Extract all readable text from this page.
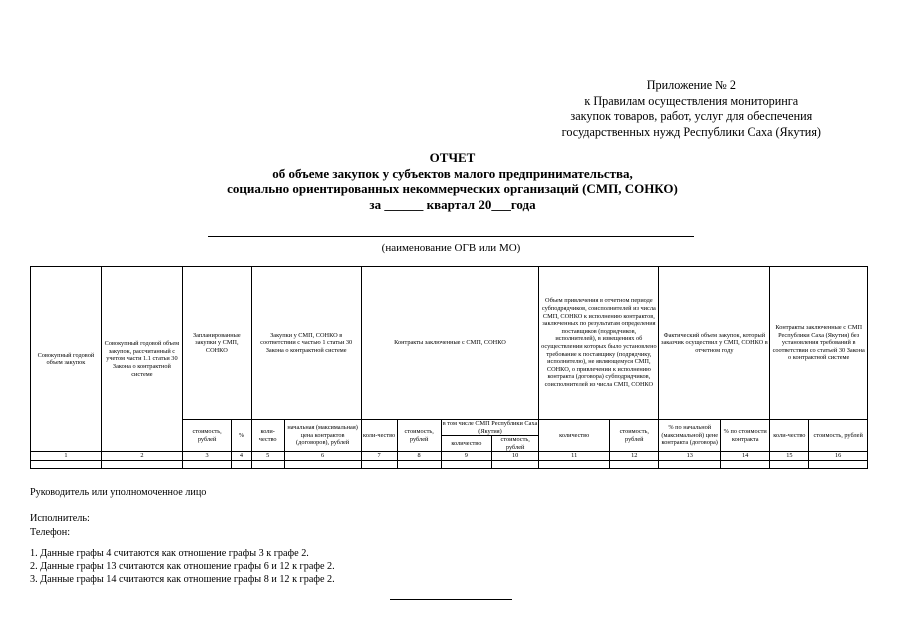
Приложение № 2
к Правилам осуществления мониторинга
закупок товаров, работ, услуг для обеспечения
государственных нужд Республики Саха (Якутия)
ОТЧЕТ
об объеме закупок у субъектов малого предпринимательства,
социально ориентированных некоммерческих организаций (СМП, СОНКО)
за ______ квартал 20___года
(наименование ОГВ или МО)
Совокупный годовой объем закупок	Совокупный годовой объем закупок, рассчитанный с учетом части 1.1 статьи 30 Закона о контрактной системе	Запланированные закупки у СМП, СОНКО		Закупки у СМП, СОНКО в соответствии с частью 1 статьи 30 Закона о контрактной системе		Контракты заключенные с СМП, СОНКО				Объем привлечения в отчетном периоде субподрядчиков, соисполнителей из числа СМП, СОНКО к исполнению контрактов, заключенных по результатам определения поставщиков (подрядчиков, исполнителей), в извещениях об осуществлении которых было установлено требование к поставщику (подрядчику, исполнителю), не являющемуся СМП, СОНКО, о привлечении к исполнению контракта (договора) субподрядчиков, соисполнителей из числа СМП, СОНКО		Фактический объем закупок, который заказчик осуществил у СМП, СОНКО в отчетном году		Контракты заключенные с СМП Республики Саха (Якутия) без установления требований в соответствии со статьей 30 Закона о контрактной системе	
		стоимость, рублей	%	коли-чество	начальная (максимальная) цена контрактов (договоров), рублей	коли-чество	стоимость, рублей	в том числе СМП Республики Саха (Якутия)		количество	стоимость, рублей	% по начальной (максимальной) цене контракта (договора)	% по стоимости контракта	коли-чество	стоимость, рублей
								количество	стоимость, рублей						

1	2	3	4	5	6	7	8	9	10	11	12	13	14	15	16

Руководитель или уполномоченное лицо
Исполнитель:
Телефон:
1. Данные графы 4 считаются как отношение графы 3 к графе 2.
2. Данные графы 13 считаются как отношение графы 6 и 12 к графе 2.
3. Данные графы 14 считаются как отношение графы 8 и 12 к графе 2.
